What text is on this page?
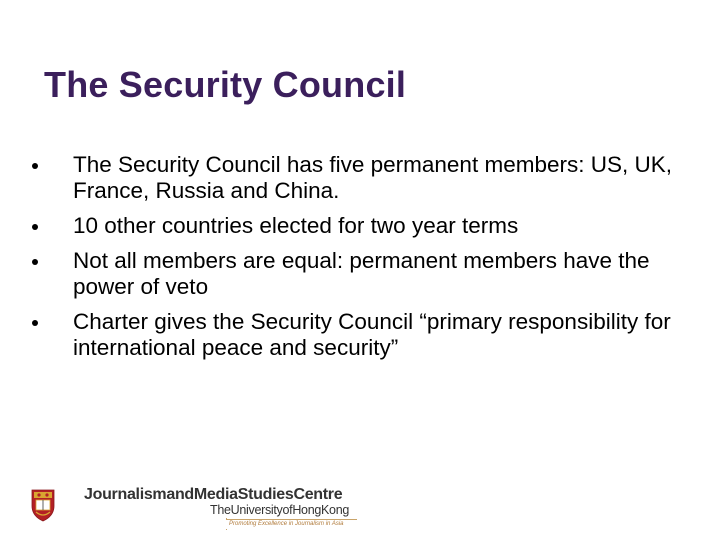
The Security Council
The Security Council has five permanent members: US, UK, France, Russia and China.
10 other countries elected for two year terms
Not all members are equal: permanent members have the power of veto
Charter gives the Security Council “primary responsibility for international peace and security”
JournalismandMediaStudiesCentre
TheUniversityofHongKong
Promoting Excellence in Journalism in Asia
